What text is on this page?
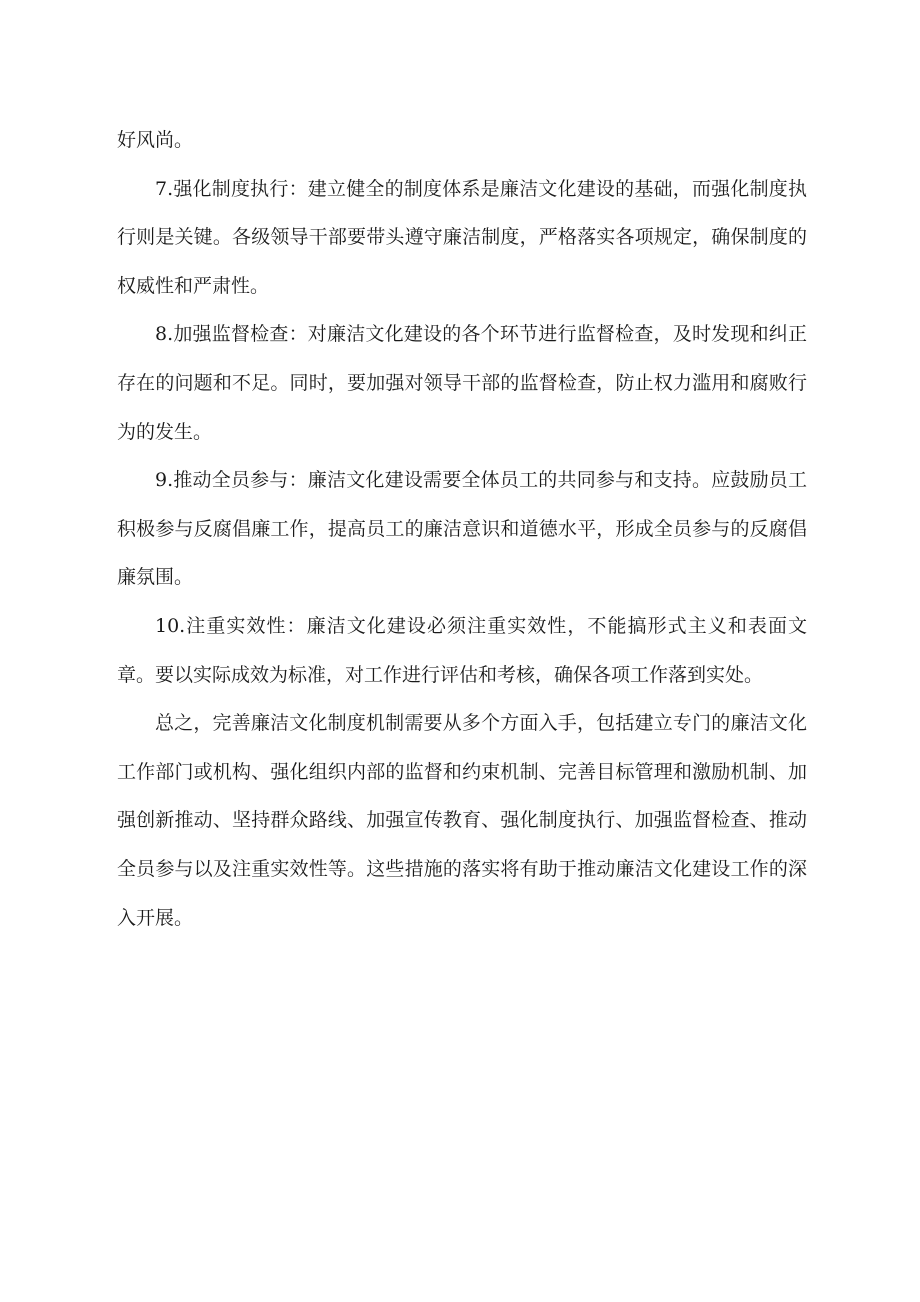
好风尚。

7.强化制度执行：建立健全的制度体系是廉洁文化建设的基础，而强化制度执行则是关键。各级领导干部要带头遵守廉洁制度，严格落实各项规定，确保制度的权威性和严肃性。

8.加强监督检查：对廉洁文化建设的各个环节进行监督检查，及时发现和纠正存在的问题和不足。同时，要加强对领导干部的监督检查，防止权力滥用和腐败行为的发生。

9.推动全员参与：廉洁文化建设需要全体员工的共同参与和支持。应鼓励员工积极参与反腐倡廉工作，提高员工的廉洁意识和道德水平，形成全员参与的反腐倡廉氛围。

10.注重实效性：廉洁文化建设必须注重实效性，不能搞形式主义和表面文章。要以实际成效为标准，对工作进行评估和考核，确保各项工作落到实处。

总之，完善廉洁文化制度机制需要从多个方面入手，包括建立专门的廉洁文化工作部门或机构、强化组织内部的监督和约束机制、完善目标管理和激励机制、加强创新推动、坚持群众路线、加强宣传教育、强化制度执行、加强监督检查、推动全员参与以及注重实效性等。这些措施的落实将有助于推动廉洁文化建设工作的深入开展。
